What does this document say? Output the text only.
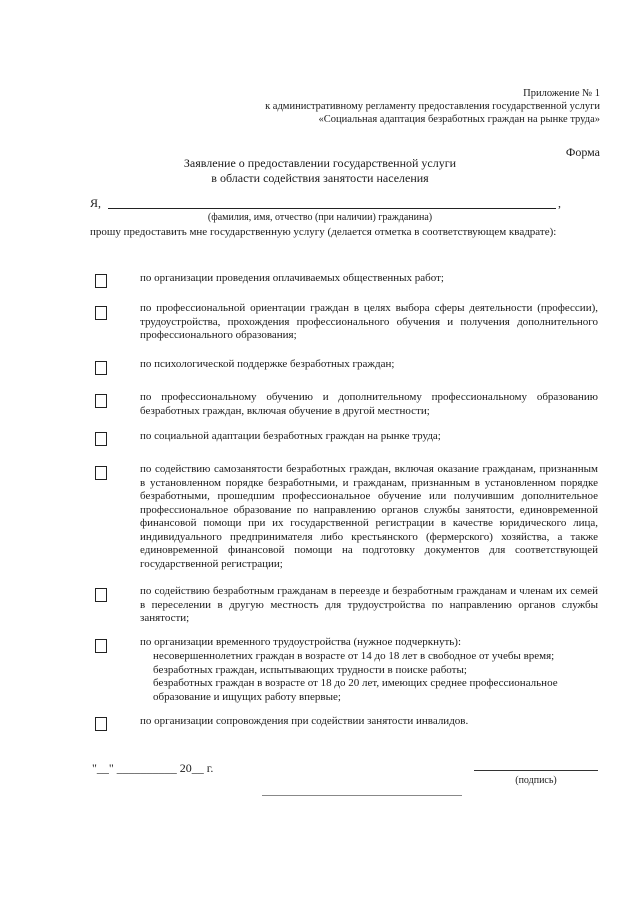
Приложение № 1
к административному регламенту предоставления государственной услуги
«Социальная адаптация безработных граждан на рынке труда»
Форма
Заявление о предоставлении государственной услуги
в области содействия занятости населения
Я,	,
(фамилия, имя, отчество (при наличии) гражданина)
прошу предоставить мне государственную услугу (делается отметка в соответствующем квадрате):
по организации проведения оплачиваемых общественных работ;
по профессиональной ориентации граждан в целях выбора сферы деятельности (профессии), трудоустройства, прохождения профессионального обучения и получения дополнительного профессионального образования;
по психологической поддержке безработных граждан;
по профессиональному обучению и дополнительному профессиональному образованию безработных граждан, включая обучение в другой местности;
по социальной адаптации безработных граждан на рынке труда;
по содействию самозанятости безработных граждан, включая оказание гражданам, признанным в установленном порядке безработными, и гражданам, признанным в установленном порядке безработными, прошедшим профессиональное обучение или получившим дополнительное профессиональное образование по направлению органов службы занятости, единовременной финансовой помощи при их государственной регистрации в качестве юридического лица, индивидуального предпринимателя либо крестьянского (фермерского) хозяйства, а также единовременной финансовой помощи на подготовку документов для соответствующей государственной регистрации;
по содействию безработным гражданам в переезде и безработным гражданам и членам их семей в переселении в другую местность для трудоустройства по направлению органов службы занятости;
по организации временного трудоустройства (нужное подчеркнуть):
несовершеннолетних граждан в возрасте от 14 до 18 лет в свободное от учебы время;
безработных граждан, испытывающих трудности в поиске работы;
безработных граждан в возрасте от 18 до 20 лет, имеющих среднее профессиональное образование и ищущих работу впервые;
по организации сопровождения при содействии занятости инвалидов.
"__" __________ 20__ г.
(подпись)
